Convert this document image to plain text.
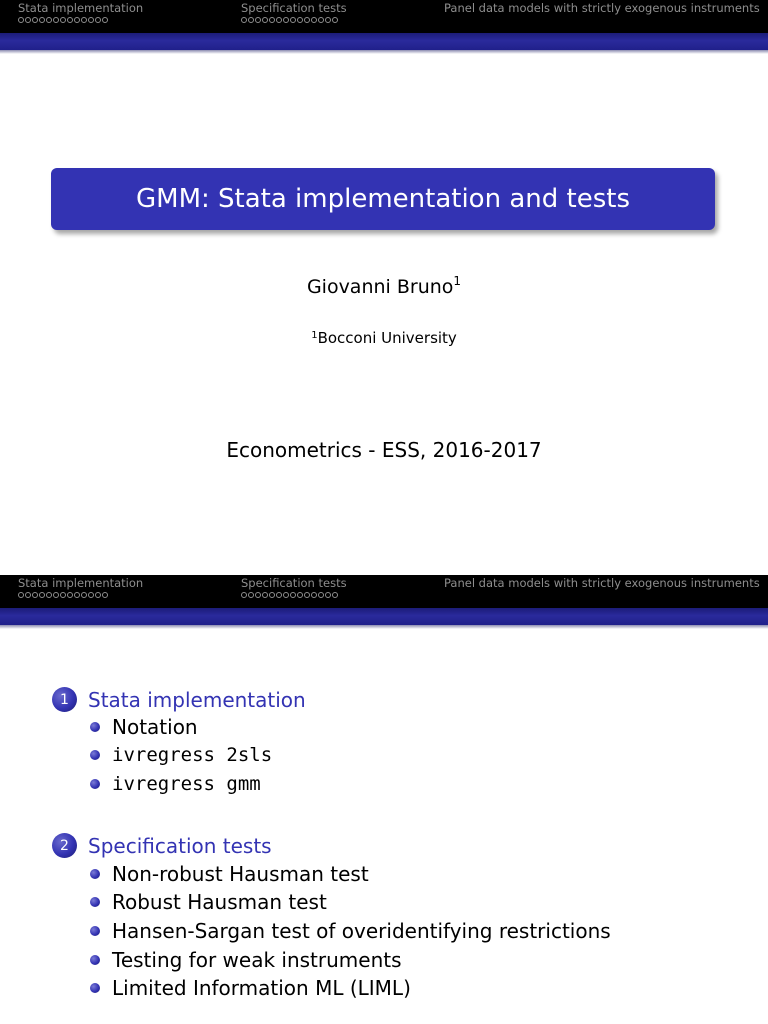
Stata implementation	Specification tests	Panel data models with strictly exogenous instruments
GMM: Stata implementation and tests
Giovanni Bruno$^1$
$^1$Bocconi University
Econometrics - ESS, 2016-2017
Stata implementation	Specification tests	Panel data models with strictly exogenous instruments
1 Stata implementation
Notation
ivregress 2sls
ivregress gmm
2 Specification tests
Non-robust Hausman test
Robust Hausman test
Hansen-Sargan test of overidentifying restrictions
Testing for weak instruments
Limited Information ML (LIML)
